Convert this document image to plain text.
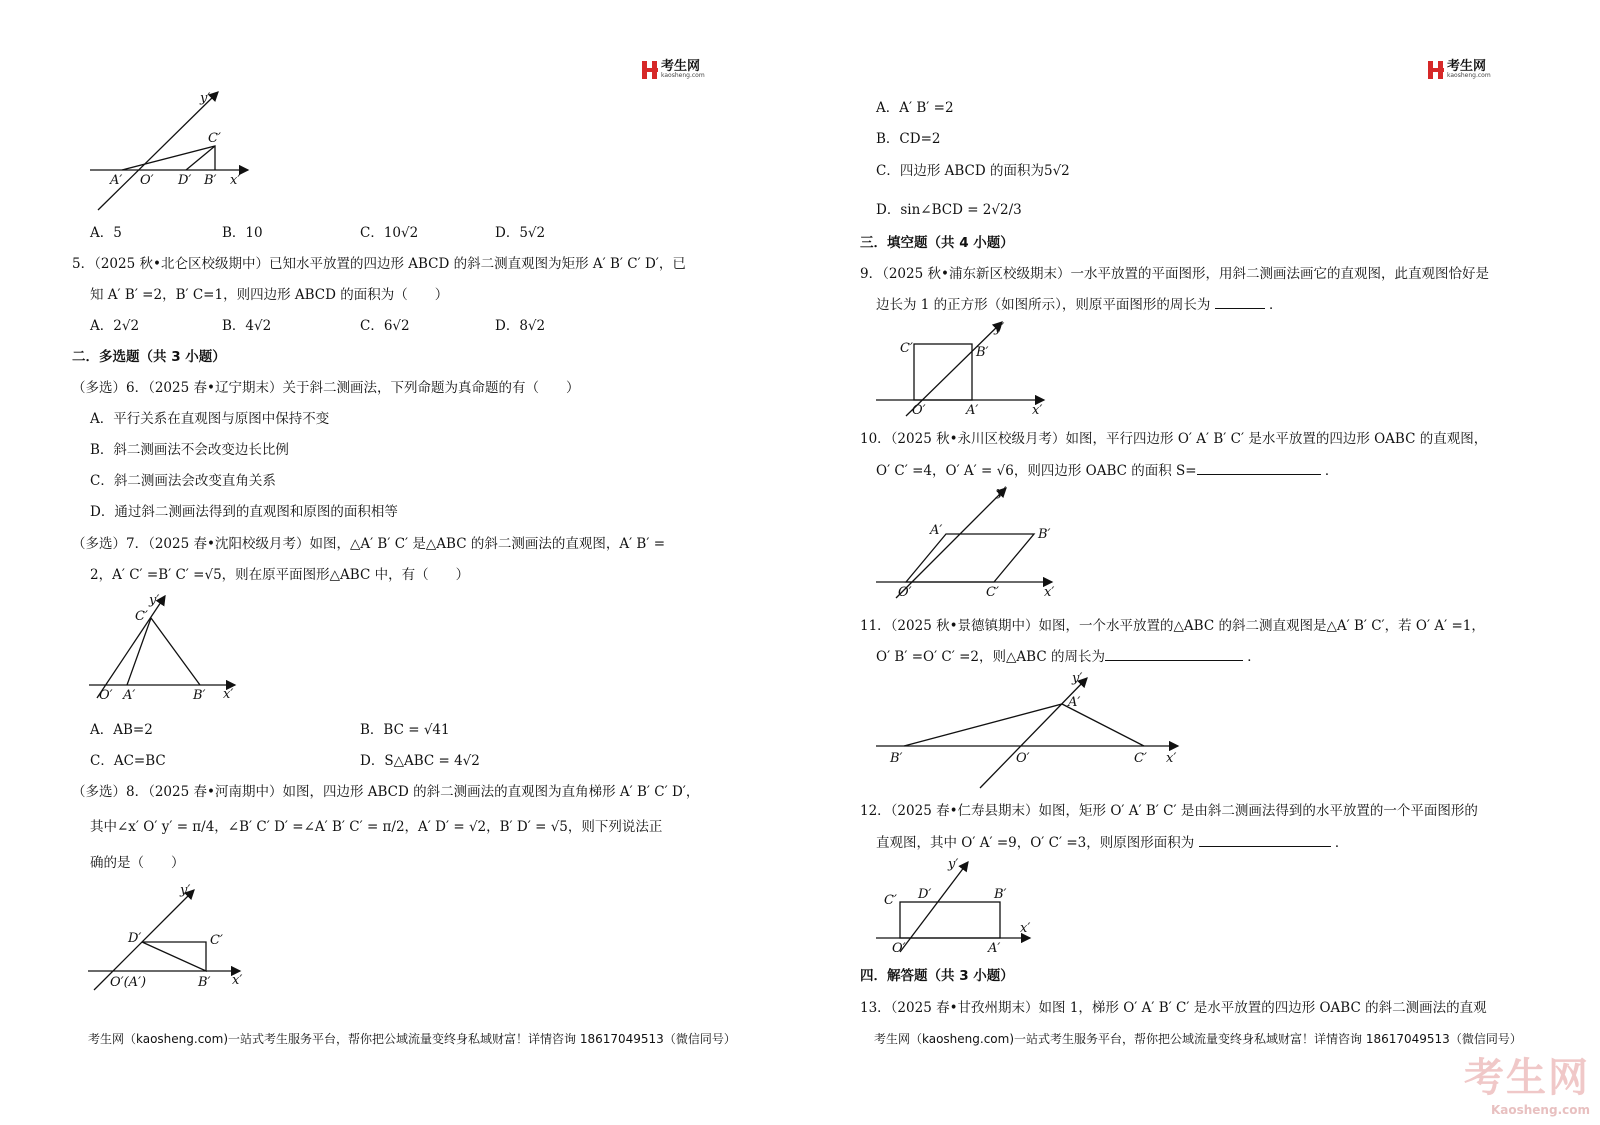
考生网
kaosheng.com
y′
x′
A′ O′ D′ B′
C′
A．5	B．10	C．10√2	D．5√2
5．（2025 秋•北仑区校级期中）已知水平放置的四边形 ABCD 的斜二测直观图为矩形 A′ B′ C′ D′，已
知 A′ B′ =2，B′ C=1，则四边形 ABCD 的面积为（　　）
A．2√2	B．4√2	C．6√2	D．8√2
二．多选题（共 3 小题）
（多选）6．（2025 春•辽宁期末）关于斜二测画法，下列命题为真命题的有（　　）
A．平行关系在直观图与原图中保持不变
B．斜二测画法不会改变边长比例
C．斜二测画法会改变直角关系
D．通过斜二测画法得到的直观图和原图的面积相等
（多选）7．（2025 春•沈阳校级月考）如图，△A′ B′ C′ 是△ABC 的斜二测画法的直观图，A′ B′ =
2，A′ C′ =B′ C′ =√5，则在原平面图形△ABC 中，有（　　）
y′
x′
O′ A′	B′
C′
A．AB=2	B．BC = √41
C．AC=BC	D．S△ABC = 4√2
（多选）8．（2025 春•河南期中）如图，四边形 ABCD 的斜二测画法的直观图为直角梯形 A′ B′ C′ D′，
其中∠x′ O′ y′ = π/4，∠B′ C′ D′ =∠A′ B′ C′ = π/2，A′ D′ = √2，B′ D′ = √5，则下列说法正
确的是（　　）
y′
x′
O′(A′)	B′
C′
D′
考生网（kaosheng.com)一站式考生服务平台，帮你把公域流量变终身私域财富！详情咨询 18617049513（微信同号）
考生网
kaosheng.com
A．A′ B′ =2
B．CD=2
C．四边形 ABCD 的面积为5√2
D．sin∠BCD = 2√2/3
三．填空题（共 4 小题）
9．（2025 秋•浦东新区校级期末）一水平放置的平面图形，用斜二测画法画它的直观图，此直观图恰好是
边长为 1 的正方形（如图所示），则原平面图形的周长为	．
y′
x′
O′	A′
B′
C′
10．（2025 秋•永川区校级月考）如图，平行四边形 O′ A′ B′ C′ 是水平放置的四边形 OABC 的直观图，
O′ C′ =4，O′ A′ = √6，则四边形 OABC 的面积 S=	．
y′
x′
O′
A′	B′
C′
11．（2025 秋•景德镇期中）如图，一个水平放置的△ABC 的斜二测直观图是△A′ B′ C′，若 O′ A′ =1，
O′ B′ =O′ C′ =2，则△ABC 的周长为	．
y′
x′
O′
A′
B′	C′
12．（2025 春•仁寿县期末）如图，矩形 O′ A′ B′ C′ 是由斜二测画法得到的水平放置的一个平面图形的
直观图，其中 O′ A′ =9，O′ C′ =3，则原图形面积为	．
y′
x′
O′	A′
B′
C′ D′
四．解答题（共 3 小题）
13．（2025 春•甘孜州期末）如图 1，梯形 O′ A′ B′ C′ 是水平放置的四边形 OABC 的斜二测画法的直观
考生网（kaosheng.com)一站式考生服务平台，帮你把公域流量变终身私域财富！详情咨询 18617049513（微信同号）
考生网
Kaosheng.com
